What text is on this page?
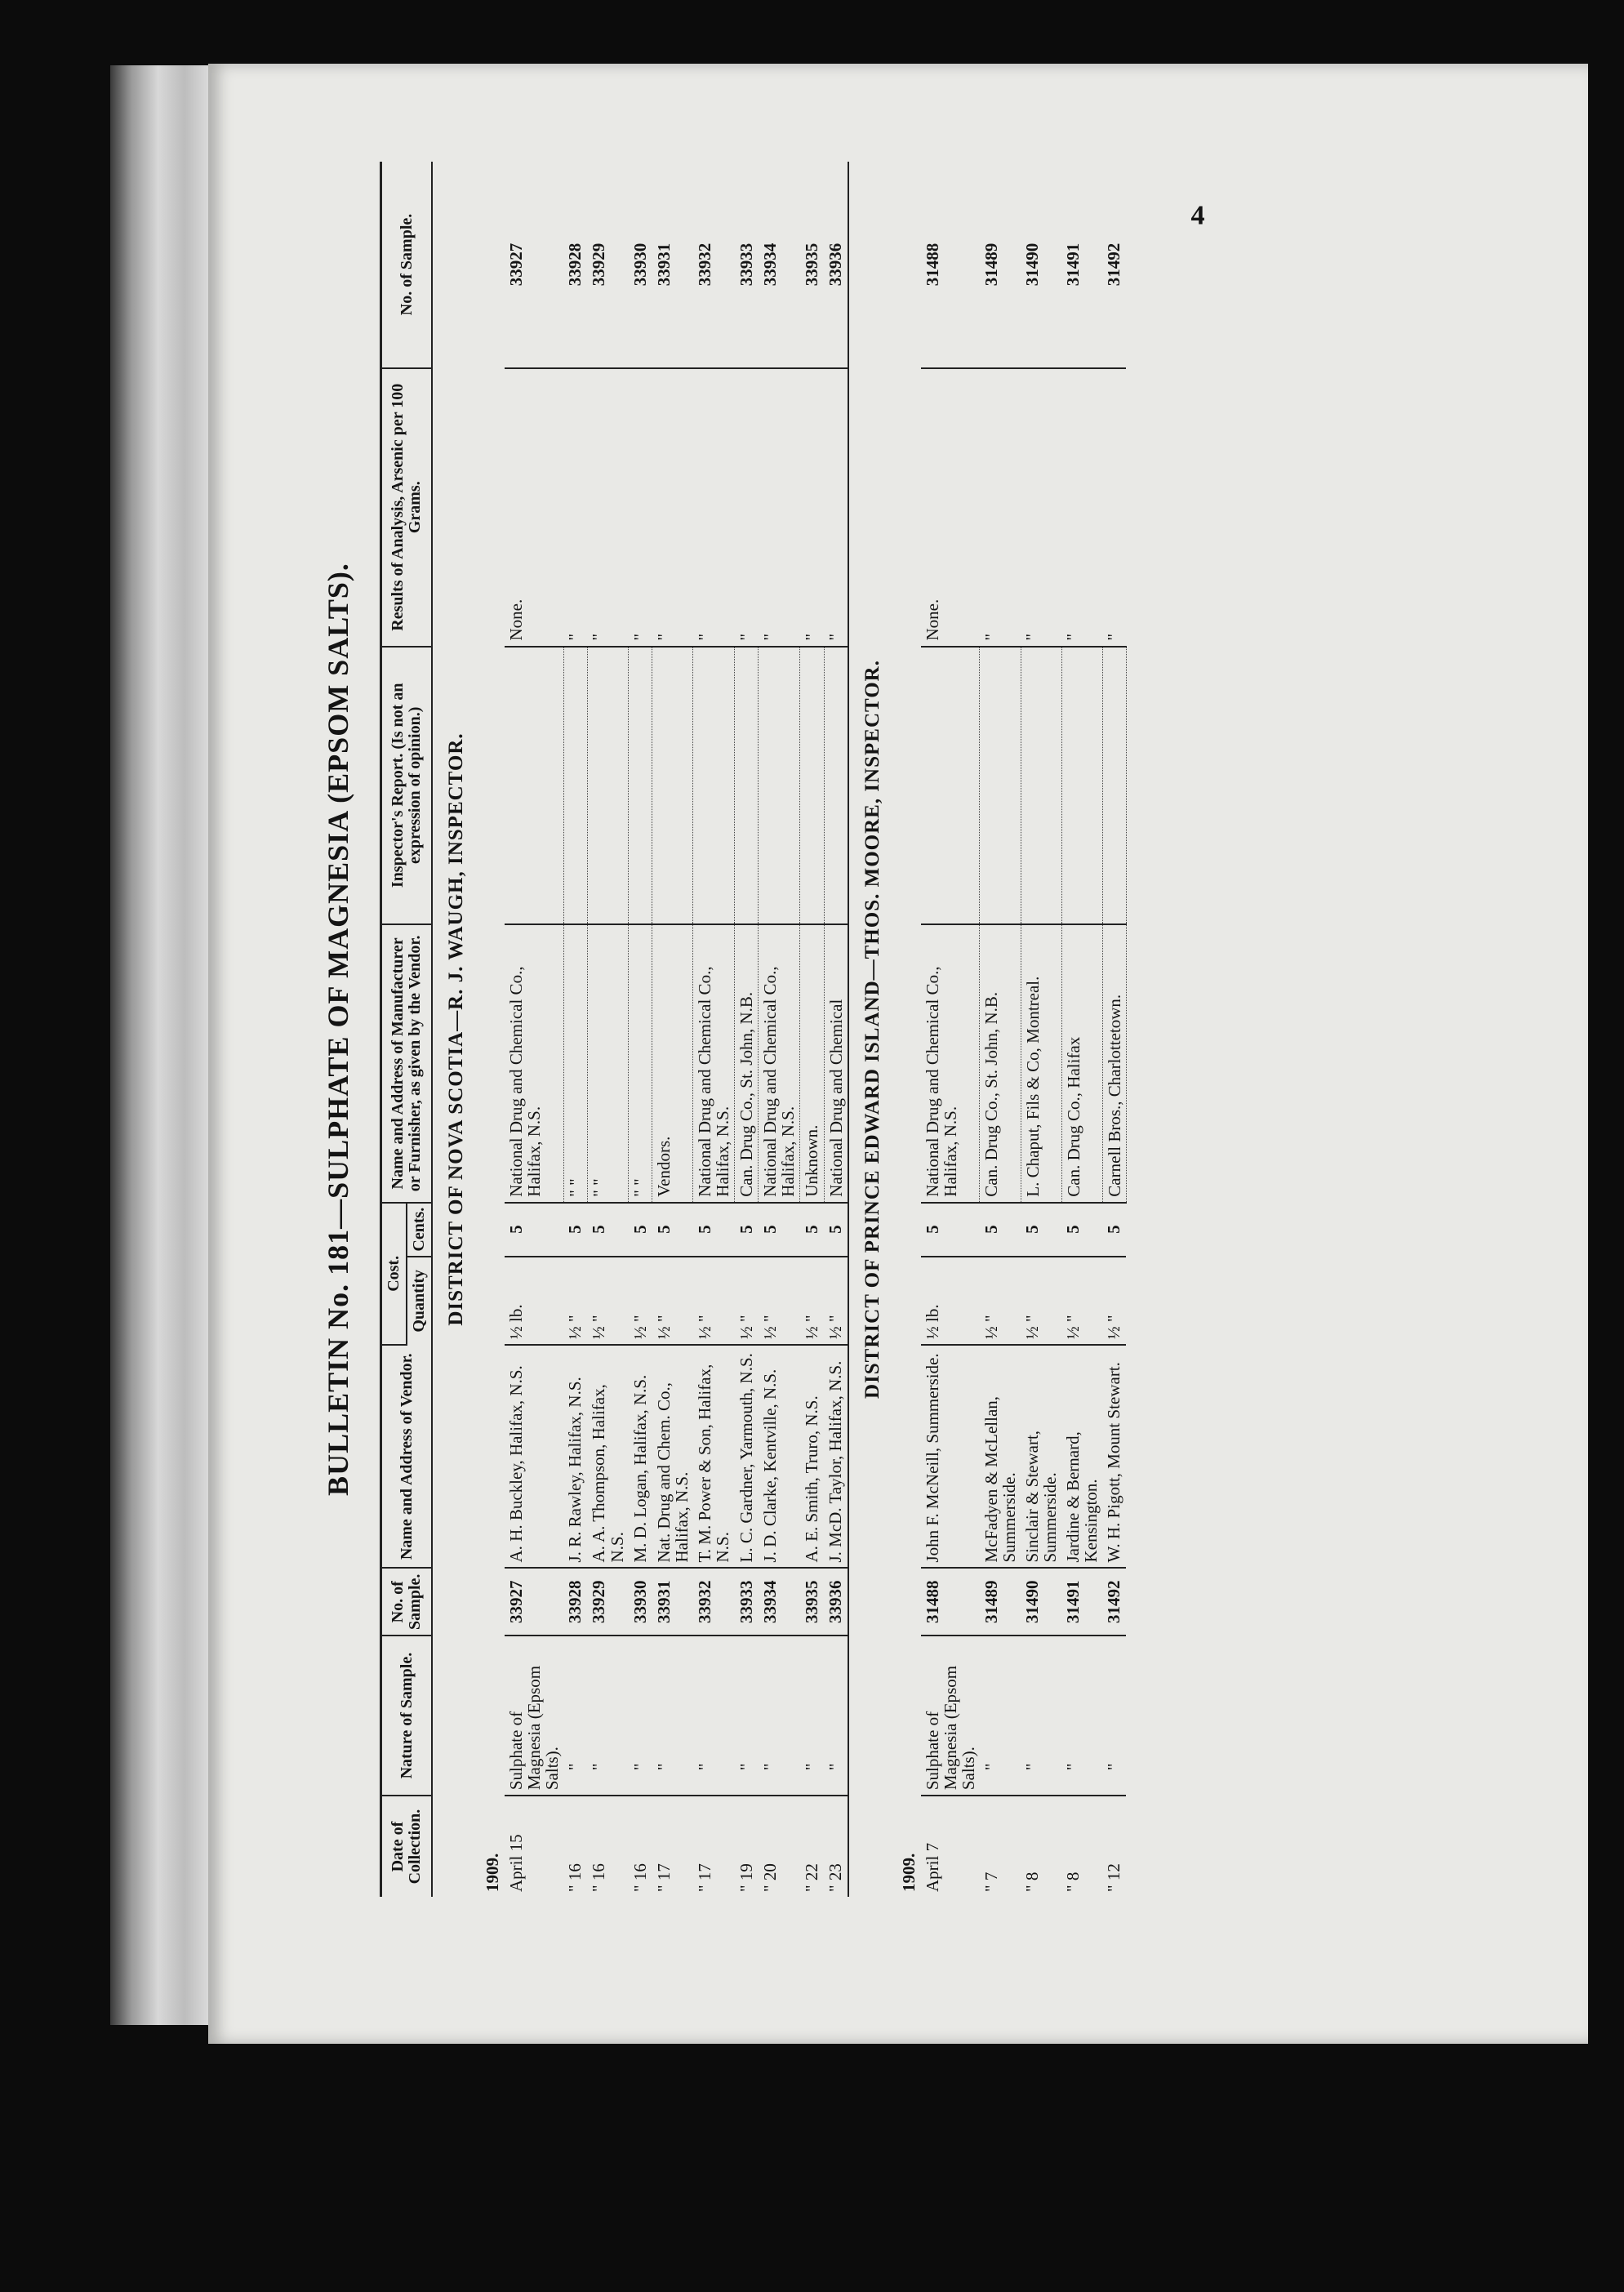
4
BULLETIN No. 181—SULPHATE OF MAGNESIA (EPSOM SALTS).
Date of Collection.	Nature of Sample.	No. of Sample.	Name and Address of Vendor.	Cost.		Name and Address of Manufacturer or Furnisher, as given by the Vendor.	Inspector's Report. (Is not an expression of opinion.)	Results of Analysis, Arsenic per 100 Grams.	No. of Sample.
				Quantity	Cents.				
DISTRICT OF NOVA SCOTIA—R. J. WAUGH, INSPECTOR.									
1909.									
April 15	Sulphate of Magnesia (Epsom Salts).	33927	A. H. Buckley, Halifax, N.S.	½ lb.	5	National Drug and Chemical Co., Halifax, N.S.		None.	33927
" 16	"	33928	J. R. Rawley, Halifax, N.S.	½ "	5	" "		"	33928
" 16	"	33929	A. A. Thompson, Halifax, N.S.	½ "	5	" "		"	33929
" 16	"	33930	M. D. Logan, Halifax, N.S.	½ "	5	" "		"	33930
" 17	"	33931	Nat. Drug and Chem. Co., Halifax, N.S.	½ "	5	Vendors.		"	33931
" 17	"	33932	T. M. Power & Son, Halifax, N.S.	½ "	5	National Drug and Chemical Co., Halifax, N.S.		"	33932
" 19	"	33933	L. C. Gardner, Yarmouth, N.S.	½ "	5	Can. Drug Co., St. John, N.B.		"	33933
" 20	"	33934	J. D. Clarke, Kentville, N.S.	½ "	5	National Drug and Chemical Co., Halifax, N.S.		"	33934
" 22	"	33935	A. E. Smith, Truro, N.S.	½ "	5	Unknown.		"	33935
" 23	"	33936	J. McD. Taylor, Halifax, N.S.	½ "	5	National Drug and Chemical		"	33936
DISTRICT OF PRINCE EDWARD ISLAND—THOS. MOORE, INSPECTOR.									
1909.									
April 7	Sulphate of Magnesia (Epsom Salts).	31488	John F. McNeill, Summerside.	½ lb.	5	National Drug and Chemical Co., Halifax, N.S.		None.	31488
" 7	"	31489	McFadyen & McLellan, Summerside.	½ "	5	Can. Drug Co., St. John, N.B.		"	31489
" 8	"	31490	Sinclair & Stewart, Summerside.	½ "	5	L. Chaput, Fils & Co, Montreal.		"	31490
" 8	"	31491	Jardine & Bernard, Kensington.	½ "	5	Can. Drug Co., Halifax		"	31491
" 12	"	31492	W. H. Pigott, Mount Stewart.	½ "	5	Carnell Bros., Charlottetown.		"	31492
